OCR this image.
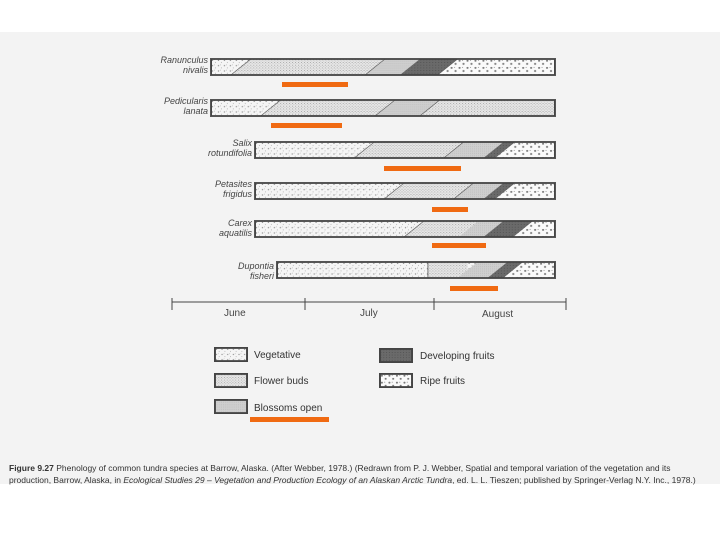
Ranunculus
nivalis
Pedicularis
lanata
Salix
rotundifolia
Petasites
frigidus
Carex
aquatilis
Dupontia
fisheri
June	July	August
Vegetative
Flower buds
Blossoms open
Developing fruits
Ripe fruits
Figure 9.27 Phenology of common tundra species at Barrow, Alaska. (After Webber, 1978.) (Redrawn from P. J. Webber, Spatial and temporal variation of the vegetation and its production, Barrow, Alaska, in Ecological Studies 29 – Vegetation and Production Ecology of an Alaskan Arctic Tundra, ed. L. L. Tieszen; published by Springer-Verlag N.Y. Inc., 1978.)
